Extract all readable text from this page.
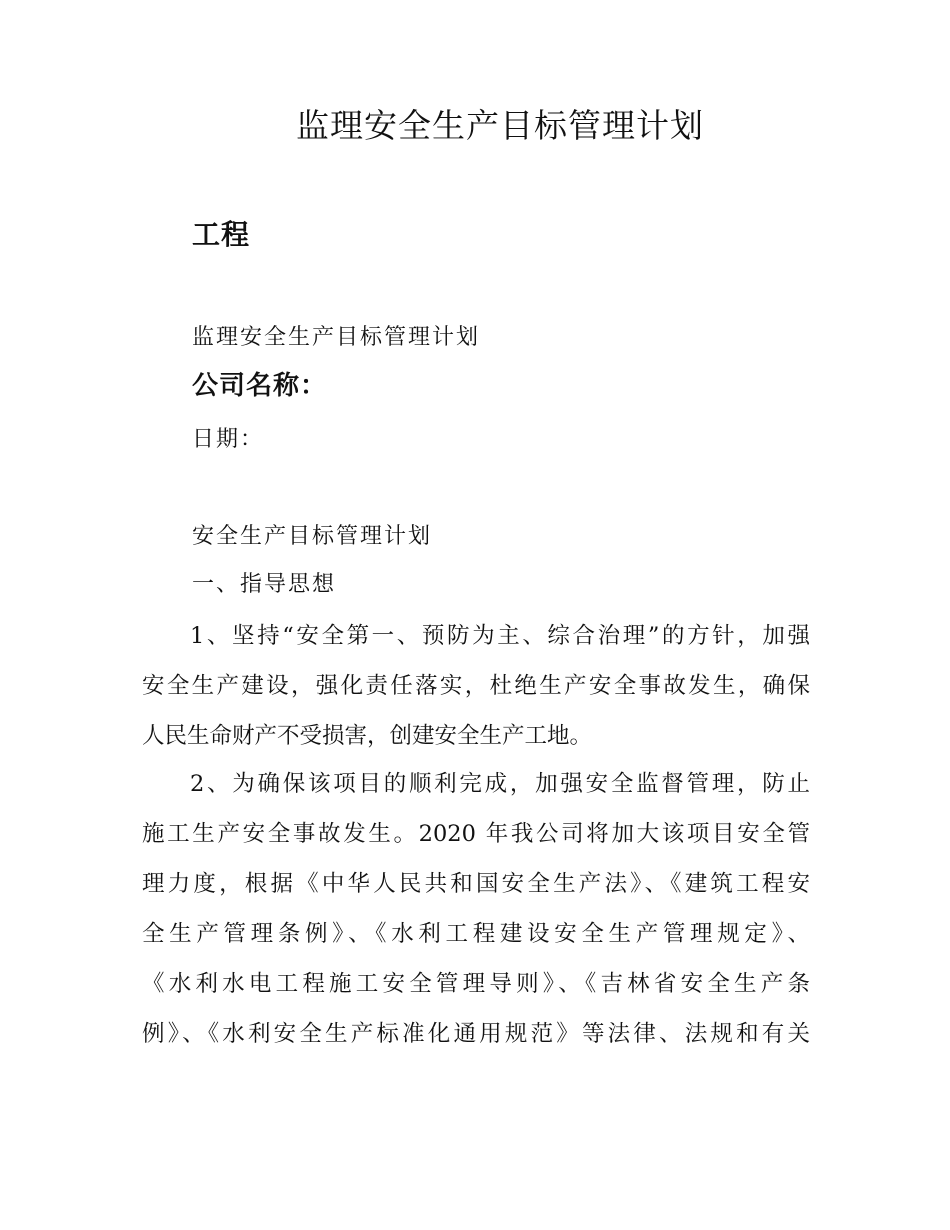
监理安全生产目标管理计划
工程
监理安全生产目标管理计划
公司名称：
日期：
安全生产目标管理计划
一、指导思想
1、坚持“安全第一、预防为主、综合治理”的方针，加强
安全生产建设，强化责任落实，杜绝生产安全事故发生，确保
人民生命财产不受损害，创建安全生产工地。
2、为确保该项目的顺利完成，加强安全监督管理，防止
施工生产安全事故发生。2020 年我公司将加大该项目安全管
理力度，根据《中华人民共和国安全生产法》、《建筑工程安
全生产管理条例》、《水利工程建设安全生产管理规定》、
《水利水电工程施工安全管理导则》、《吉林省安全生产条
例》、《水利安全生产标准化通用规范》等法律、法规和有关
